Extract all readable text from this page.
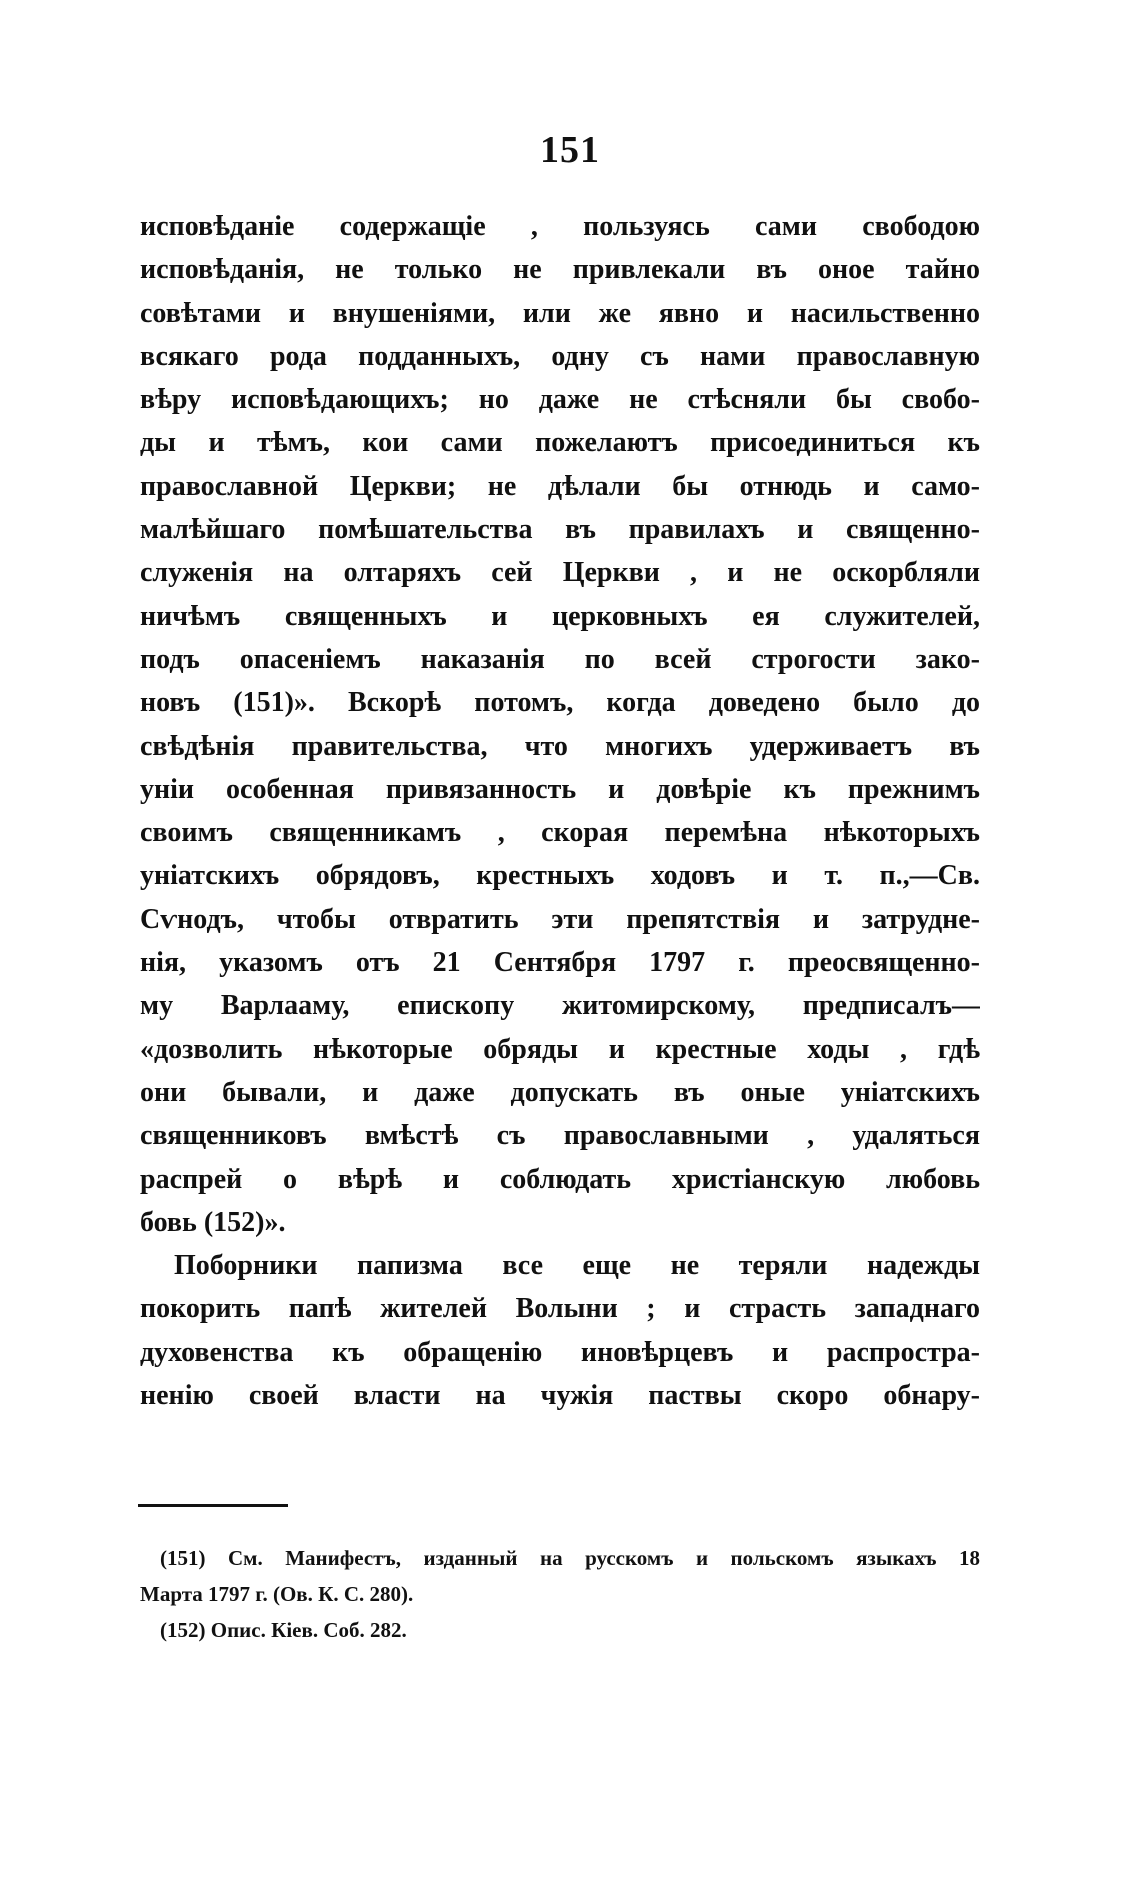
151
исповѣданіе содержащіе , пользуясь сами свободою
исповѣданія, не только не привлекали въ оное тайно
совѣтами и внушеніями, или же явно и насильственно
всякаго рода подданныхъ, одну съ нами православную
вѣру исповѣдающихъ; но даже не стѣсняли бы свобо-
ды и тѣмъ, кои сами пожелаютъ присоединиться къ
православной Церкви; не дѣлали бы отнюдь и само-
малѣйшаго помѣшательства въ правилахъ и священно-
служенія на олтаряхъ сей Церкви , и не оскорбляли
ничѣмъ священныхъ и церковныхъ ея служителей,
подъ опасеніемъ наказанія по всей строгости зако-
новъ (151)». Вскорѣ потомъ, когда доведено было до
свѣдѣнія правительства, что многихъ удерживаетъ въ
уніи особенная привязанность и довѣріе къ прежнимъ
своимъ священникамъ , скорая перемѣна нѣкоторыхъ
уніатскихъ обрядовъ, крестныхъ ходовъ и т. п.,—Св.
Сѵнодъ, чтобы отвратить эти препятствія и затрудне-
нія, указомъ отъ 21 Сентября 1797 г. преосвященно-
му Варлааму, епископу житомирскому, предписалъ—
«дозволить нѣкоторые обряды и крестные ходы , гдѣ
они бывали, и даже допускать въ оные уніатскихъ
священниковъ вмѣстѣ съ православными , удаляться
распрей о вѣрѣ и соблюдать христіанскую любовь
бовь (152)».
Поборники папизма все еще не теряли надежды
покорить папѣ жителей Волыни ; и страсть западнаго
духовенства къ обращенію иновѣрцевъ и распростра-
ненію своей власти на чужія паствы скоро обнару-
(151) См. Манифестъ, изданный на русскомъ и польскомъ языкахъ 18
Марта 1797 г. (Ов. К. С. 280).
(152) Опис. Кіев. Соб. 282.
